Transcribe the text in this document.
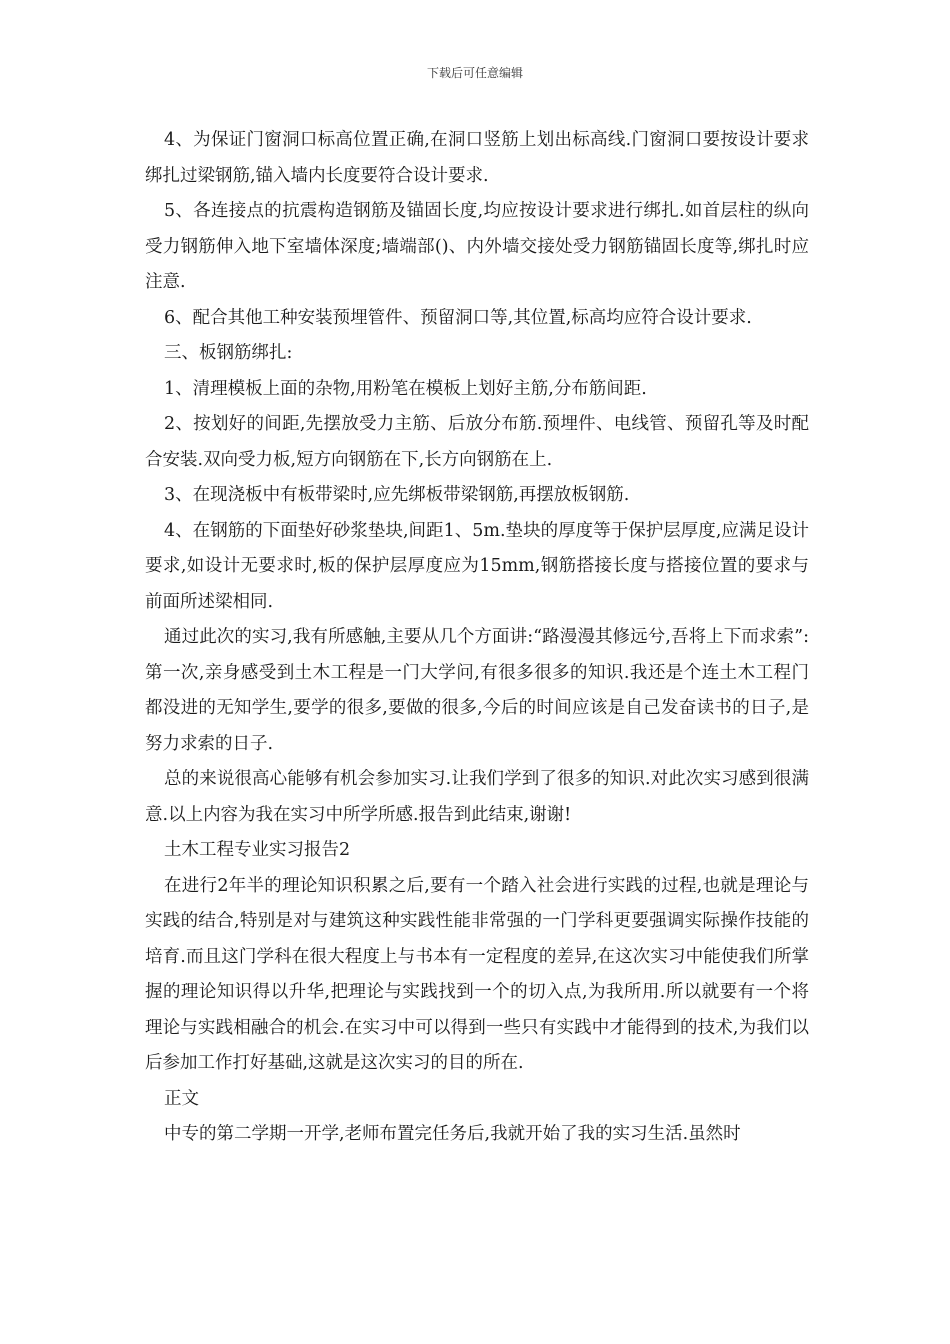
下载后可任意编辑

4、为保证门窗洞口标高位置正确,在洞口竖筋上划出标高线.门窗洞口要按设计要求绑扎过梁钢筋,锚入墙内长度要符合设计要求.

5、各连接点的抗震构造钢筋及锚固长度,均应按设计要求进行绑扎.如首层柱的纵向受力钢筋伸入地下室墙体深度;墙端部()、内外墙交接处受力钢筋锚固长度等,绑扎时应注意.

6、配合其他工种安装预埋管件、预留洞口等,其位置,标高均应符合设计要求.

三、板钢筋绑扎:

1、清理模板上面的杂物,用粉笔在模板上划好主筋,分布筋间距.

2、按划好的间距,先摆放受力主筋、后放分布筋.预埋件、电线管、预留孔等及时配合安装.双向受力板,短方向钢筋在下,长方向钢筋在上.

3、在现浇板中有板带梁时,应先绑板带梁钢筋,再摆放板钢筋.

4、在钢筋的下面垫好砂浆垫块,间距1、5m.垫块的厚度等于保护层厚度,应满足设计要求,如设计无要求时,板的保护层厚度应为15mm,钢筋搭接长度与搭接位置的要求与前面所述梁相同.

通过此次的实习,我有所感触,主要从几个方面讲:“路漫漫其修远兮,吾将上下而求索”:第一次,亲身感受到土木工程是一门大学问,有很多很多的知识.我还是个连土木工程门都没进的无知学生,要学的很多,要做的很多,今后的时间应该是自己发奋读书的日子,是努力求索的日子.

总的来说很高心能够有机会参加实习.让我们学到了很多的知识.对此次实习感到很满意.以上内容为我在实习中所学所感.报告到此结束,谢谢!

土木工程专业实习报告2

在进行2年半的理论知识积累之后,要有一个踏入社会进行实践的过程,也就是理论与实践的结合,特别是对与建筑这种实践性能非常强的一门学科更要强调实际操作技能的培育.而且这门学科在很大程度上与书本有一定程度的差异,在这次实习中能使我们所掌握的理论知识得以升华,把理论与实践找到一个的切入点,为我所用.所以就要有一个将理论与实践相融合的机会.在实习中可以得到一些只有实践中才能得到的技术,为我们以后参加工作打好基础,这就是这次实习的目的所在.

正文

中专的第二学期一开学,老师布置完任务后,我就开始了我的实习生活.虽然时
